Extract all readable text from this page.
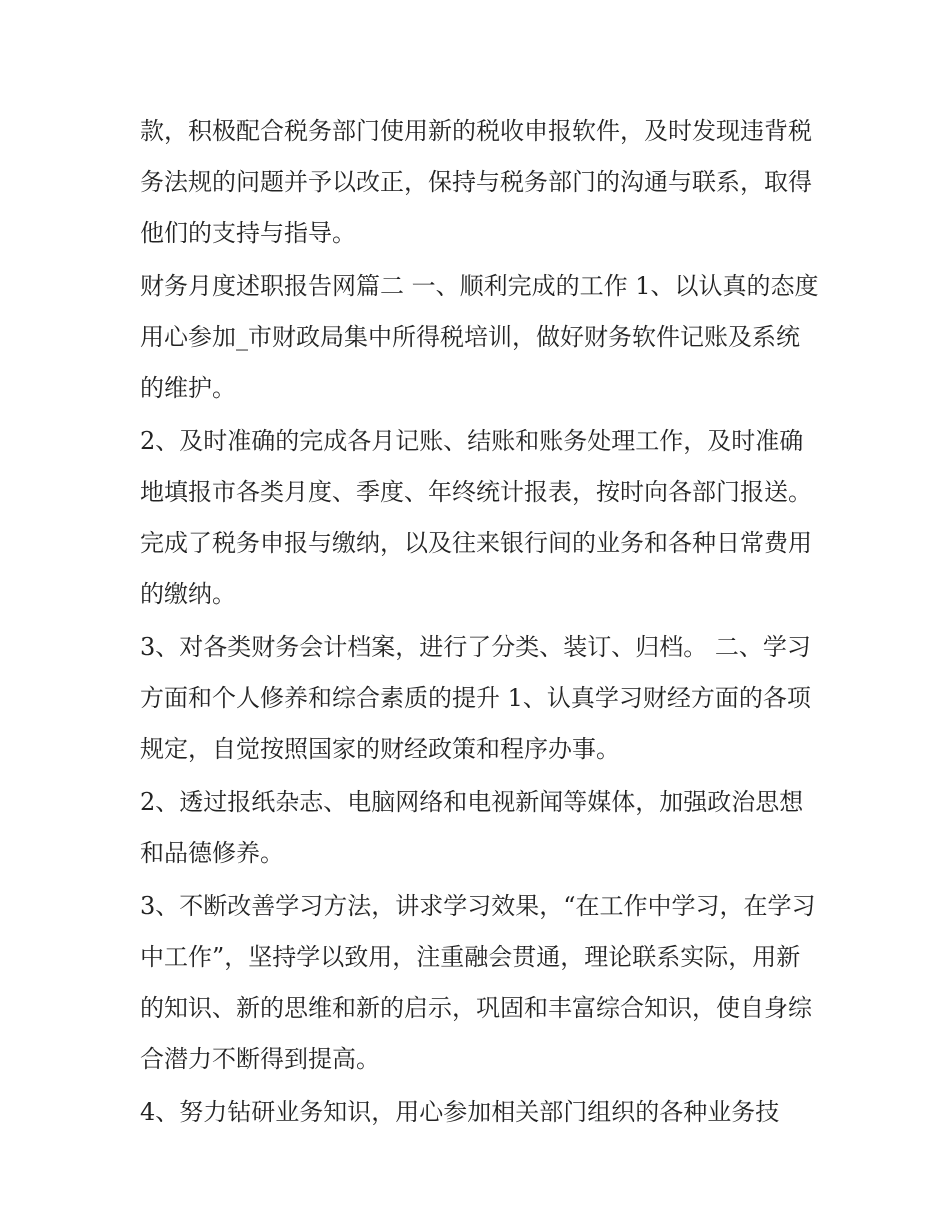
款，积极配合税务部门使用新的税收申报软件，及时发现违背税务法规的问题并予以改正，保持与税务部门的沟通与联系，取得他们的支持与指导。

财务月度述职报告网篇二 一、顺利完成的工作 1、以认真的态度用心参加_市财政局集中所得税培训，做好财务软件记账及系统的维护。

2、及时准确的完成各月记账、结账和账务处理工作，及时准确地填报市各类月度、季度、年终统计报表，按时向各部门报送。完成了税务申报与缴纳，以及往来银行间的业务和各种日常费用的缴纳。

3、对各类财务会计档案，进行了分类、装订、归档。 二、学习方面和个人修养和综合素质的提升 1、认真学习财经方面的各项规定，自觉按照国家的财经政策和程序办事。

2、透过报纸杂志、电脑网络和电视新闻等媒体，加强政治思想和品德修养。

3、不断改善学习方法，讲求学习效果，“在工作中学习，在学习中工作”，坚持学以致用，注重融会贯通，理论联系实际，用新的知识、新的思维和新的启示，巩固和丰富综合知识，使自身综合潜力不断得到提高。

4、努力钻研业务知识，用心参加相关部门组织的各种业务技
